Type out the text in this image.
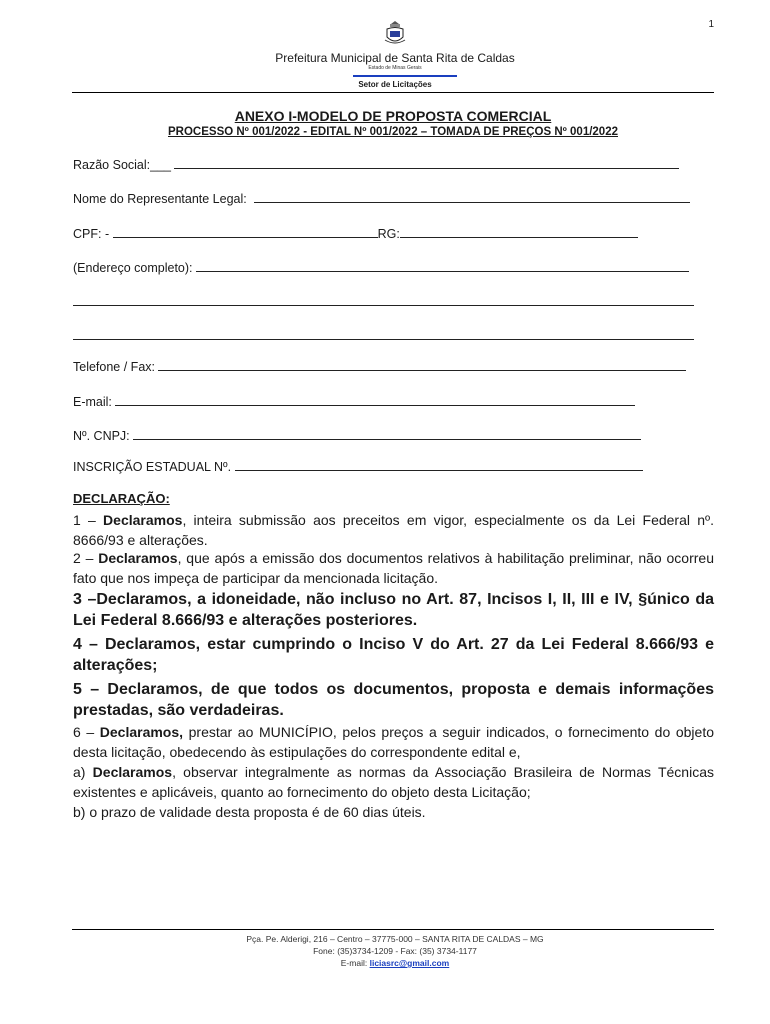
1
Prefeitura Municipal de Santa Rita de Caldas
Estado de Minas Gerais
Setor de Licitações
ANEXO I-MODELO DE PROPOSTA COMERCIAL
PROCESSO Nº 001/2022 - EDITAL Nº 001/2022 – TOMADA DE PREÇOS Nº 001/2022
Razão Social:___
Nome do Representante Legal:
CPF: -	RG:
(Endereço completo):
Telefone / Fax:
E-mail:
Nº. CNPJ:
INSCRIÇÃO ESTADUAL Nº.
DECLARAÇÃO:
1 – Declaramos, inteira submissão aos preceitos em vigor, especialmente os da Lei Federal nº. 8666/93 e alterações.
2 – Declaramos, que após a emissão dos documentos relativos à habilitação preliminar, não ocorreu fato que nos impeça de participar da mencionada licitação.
3 –Declaramos, a idoneidade, não incluso no Art. 87, Incisos I, II, III e IV, §único da Lei Federal 8.666/93 e alterações posteriores.
4 – Declaramos, estar cumprindo o Inciso V do Art. 27 da Lei Federal 8.666/93 e alterações;
5 – Declaramos, de que todos os documentos, proposta e demais informações prestadas, são verdadeiras.
6 – Declaramos, prestar ao MUNICÍPIO, pelos preços a seguir indicados, o fornecimento do objeto desta licitação, obedecendo às estipulações do correspondente edital e,
a) Declaramos, observar integralmente as normas da Associação Brasileira de Normas Técnicas existentes e aplicáveis, quanto ao fornecimento do objeto desta Licitação;
b) o prazo de validade desta proposta é de 60 dias úteis.
Pça. Pe. Alderigi, 216 – Centro – 37775-000 – SANTA RITA DE CALDAS – MG
Fone: (35)3734-1209 - Fax: (35) 3734-1177
E-mail: liciasrc@gmail.com
